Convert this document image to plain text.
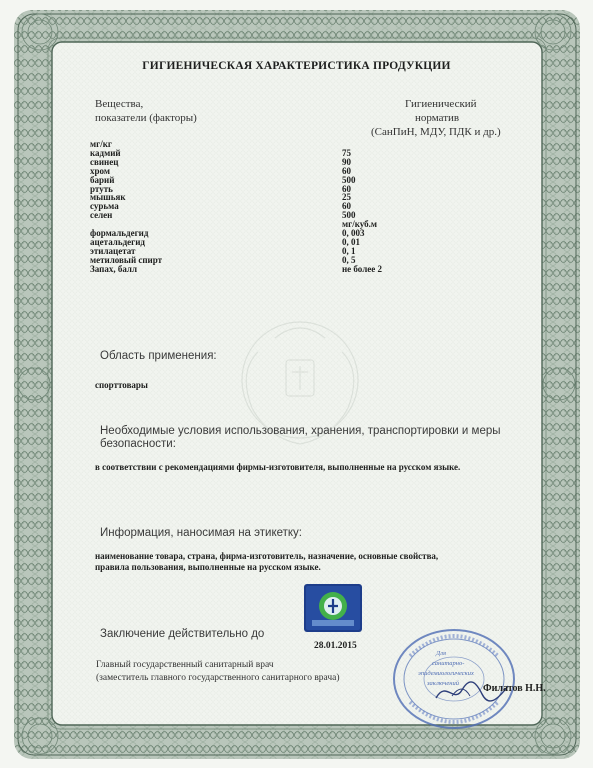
ГИГИЕНИЧЕСКАЯ ХАРАКТЕРИСТИКА ПРОДУКЦИИ
Вещества,
показатели (факторы)
Гигиенический
норматив
(СанПиН, МДУ, ПДК и др.)
мг/кг
кадмий	75
свинец	90
хром	60
барий	500
ртуть	60
мышьяк	25
сурьма	60
селен	500
мг/куб.м
формальдегид	0, 003
ацетальдегид	0, 01
этилацетат	0, 1
метиловый спирт	0, 5
Запах, балл	не более 2
Область применения:
спорттовары
Необходимые условия использования, хранения, транспортировки и меры
безопасности:
в соответствии с рекомендациями фирмы-изготовителя, выполненные на русском языке.
Информация, наносимая на этикетку:
наименование товара, страна, фирма-изготовитель, назначение, основные свойства,
правила пользования, выполненные на русском языке.
Заключение действительно до
28.01.2015
Главный государственный санитарный врач
(заместитель главного государственного санитарного врача)
Для
санитарно-
эпидемиологических
заключений Филатов Н.Н.
